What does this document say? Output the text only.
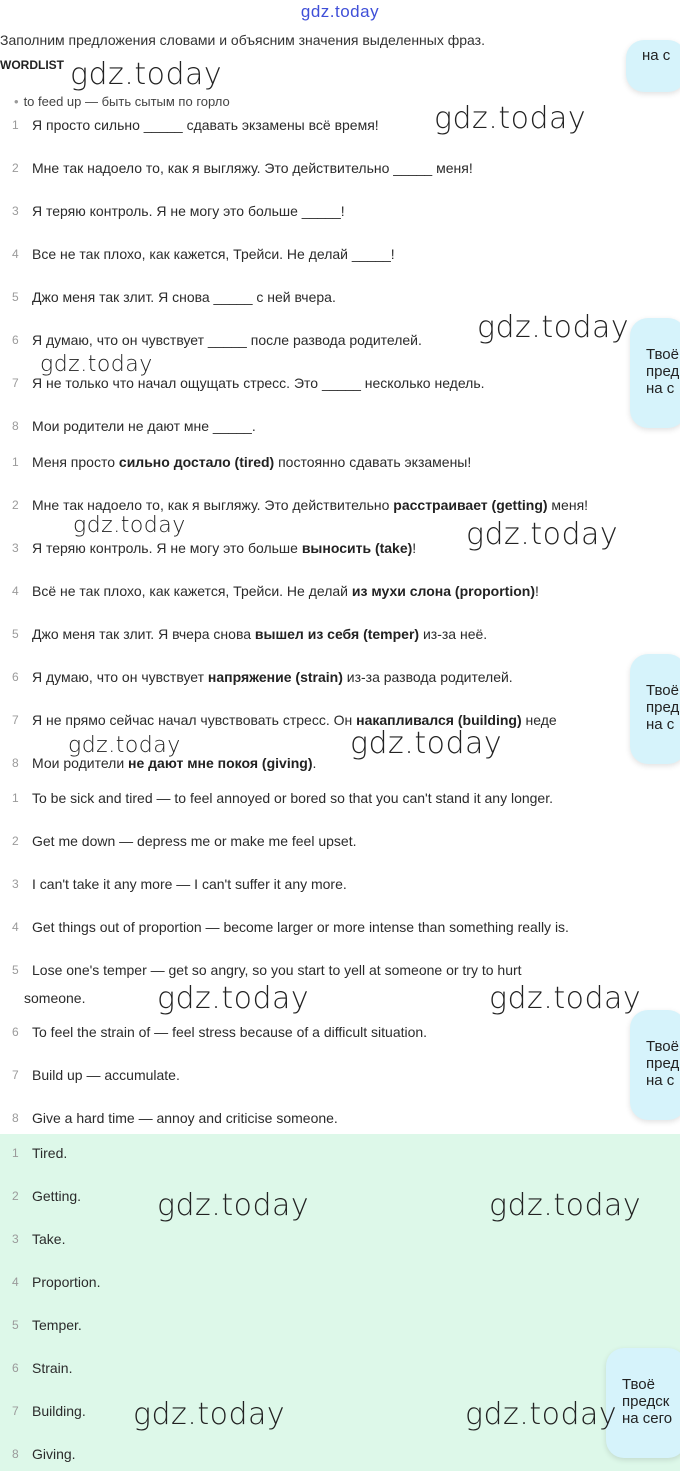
gdz.today
Заполним предложения словами и объясним значения выделенных фраз.
WORDLIST
• to feed up — быть сытым по горло
1 Я просто сильно _____ сдавать экзамены всё время!
2 Мне так надоело то, как я выгляжу. Это действительно _____ меня!
3 Я теряю контроль. Я не могу это больше _____!
4 Все не так плохо, как кажется, Трейси. Не делай _____!
5 Джо меня так злит. Я снова _____ с ней вчера.
6 Я думаю, что он чувствует _____ после развода родителей.
7 Я не только что начал ощущать стресс. Это _____ несколько недель.
8 Мои родители не дают мне _____.
1 Меня просто сильно достало (tired) постоянно сдавать экзамены!
2 Мне так надоело то, как я выгляжу. Это действительно расстраивает (getting) меня!
3 Я теряю контроль. Я не могу это больше выносить (take)!
4 Всё не так плохо, как кажется, Трейси. Не делай из мухи слона (proportion)!
5 Джо меня так злит. Я вчера снова вышел из себя (temper) из-за неё.
6 Я думаю, что он чувствует напряжение (strain) из-за развода родителей.
7 Я не прямо сейчас начал чувствовать стресс. Он накапливался (building) неде
8 Мои родители не дают мне покоя (giving).
1 To be sick and tired — to feel annoyed or bored so that you can't stand it any longer.
2 Get me down — depress me or make me feel upset.
3 I can't take it any more — I can't suffer it any more.
4 Get things out of proportion — become larger or more intense than something really is.
5 Lose one's temper — get so angry, so you start to yell at someone or try to hurt
someone.
6 To feel the strain of — feel stress because of a difficult situation.
7 Build up — accumulate.
8 Give a hard time — annoy and criticise someone.
1 Tired.
2 Getting.
3 Take.
4 Proportion.
5 Temper.
6 Strain.
7 Building.
8 Giving.
на с
Твоё
пред
на с
Твоё
пред
на с
Твоё
пред
на с
Твоё
предск
на сего
gdz.today
gdz.today
gdz.today
gdz.today
gdz.today	gdz.today
gdz.today	gdz.today
gdz.today	gdz.today
gdz.today	gdz.today
gdz.today	gdz.today
